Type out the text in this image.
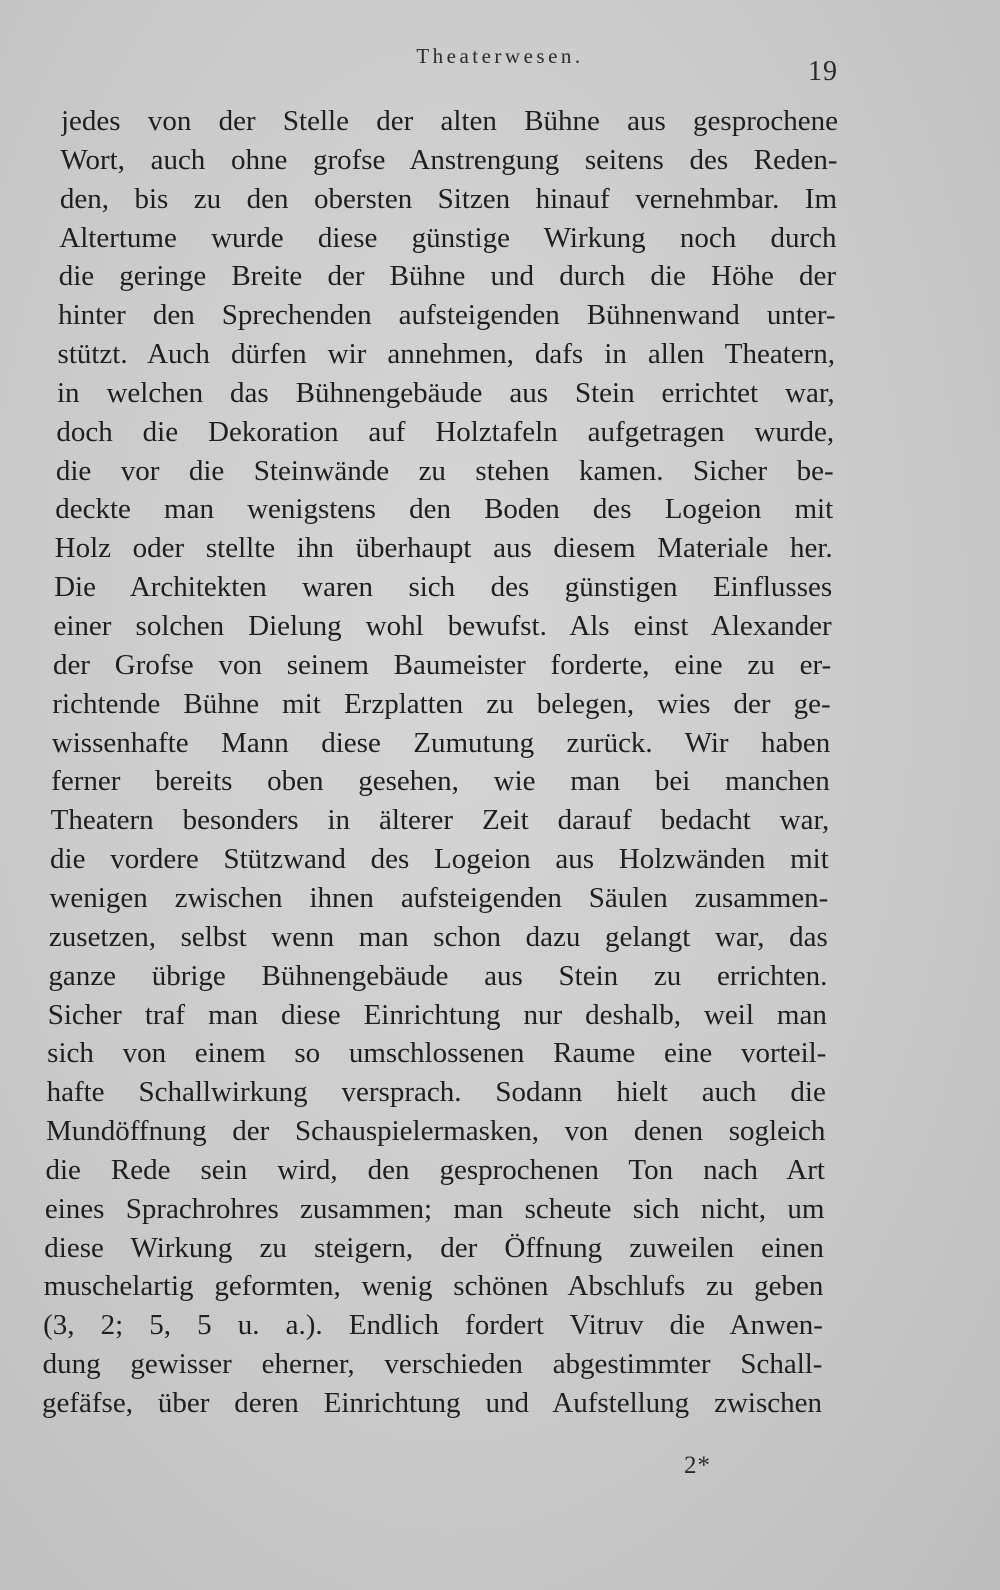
Theaterwesen.	19
jedes von der Stelle der alten Bühne aus gesprochene
Wort, auch ohne grofse Anstrengung seitens des Reden-
den, bis zu den obersten Sitzen hinauf vernehmbar. Im
Altertume wurde diese günstige Wirkung noch durch
die geringe Breite der Bühne und durch die Höhe der
hinter den Sprechenden aufsteigenden Bühnenwand unter-
stützt. Auch dürfen wir annehmen, dafs in allen Theatern,
in welchen das Bühnengebäude aus Stein errichtet war,
doch die Dekoration auf Holztafeln aufgetragen wurde,
die vor die Steinwände zu stehen kamen. Sicher be-
deckte man wenigstens den Boden des Logeion mit
Holz oder stellte ihn überhaupt aus diesem Materiale her.
Die Architekten waren sich des günstigen Einflusses
einer solchen Dielung wohl bewufst. Als einst Alexander
der Grofse von seinem Baumeister forderte, eine zu er-
richtende Bühne mit Erzplatten zu belegen, wies der ge-
wissenhafte Mann diese Zumutung zurück. Wir haben
ferner bereits oben gesehen, wie man bei manchen
Theatern besonders in älterer Zeit darauf bedacht war,
die vordere Stützwand des Logeion aus Holzwänden mit
wenigen zwischen ihnen aufsteigenden Säulen zusammen-
zusetzen, selbst wenn man schon dazu gelangt war, das
ganze übrige Bühnengebäude aus Stein zu errichten.
Sicher traf man diese Einrichtung nur deshalb, weil man
sich von einem so umschlossenen Raume eine vorteil-
hafte Schallwirkung versprach. Sodann hielt auch die
Mundöffnung der Schauspielermasken, von denen sogleich
die Rede sein wird, den gesprochenen Ton nach Art
eines Sprachrohres zusammen; man scheute sich nicht, um
diese Wirkung zu steigern, der Öffnung zuweilen einen
muschelartig geformten, wenig schönen Abschlufs zu geben
(3, 2; 5, 5 u. a.). Endlich fordert Vitruv die Anwen-
dung gewisser eherner, verschieden abgestimmter Schall-
gefäfse, über deren Einrichtung und Aufstellung zwischen
2*
